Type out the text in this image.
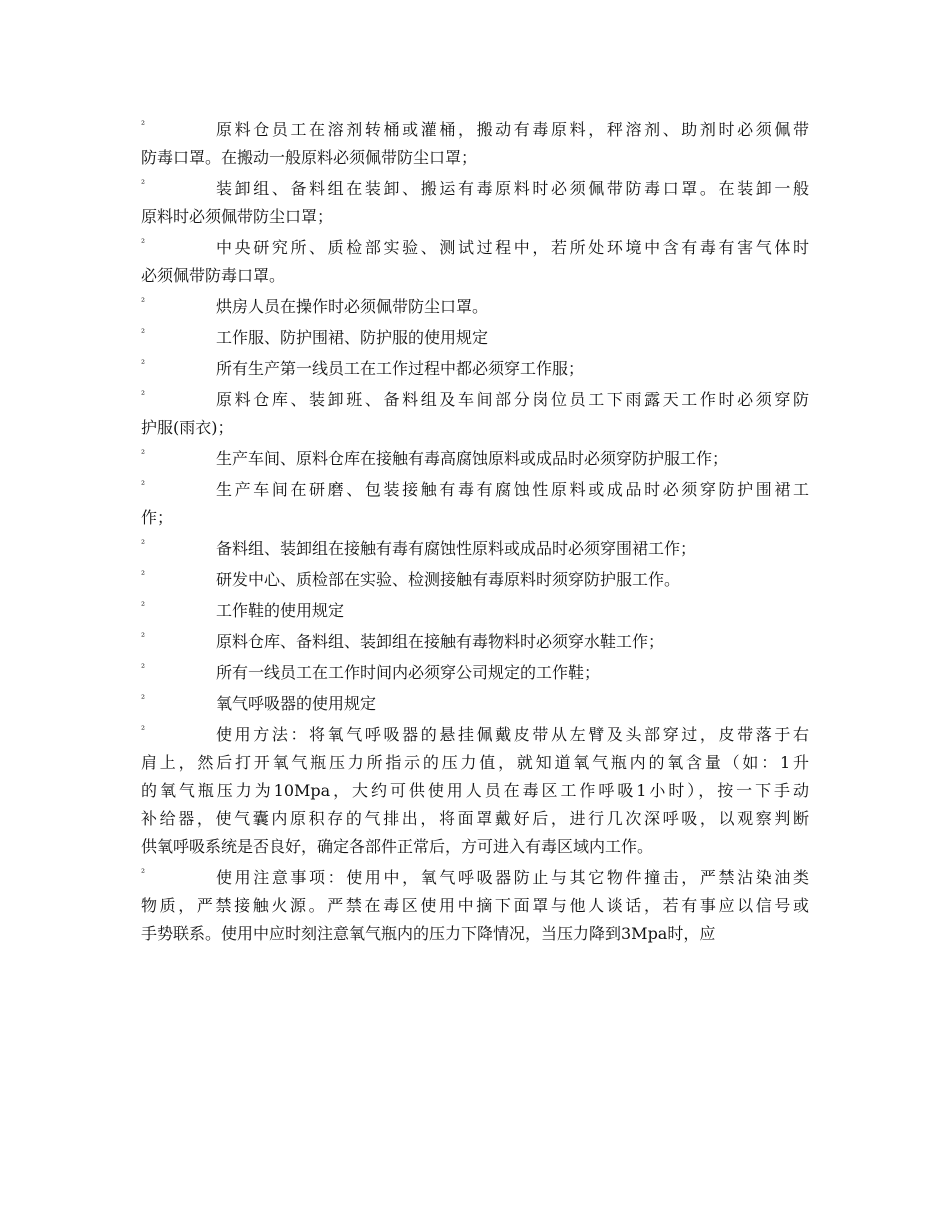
²	原料仓员工在溶剂转桶或灌桶，搬动有毒原料，秤溶剂、助剂时必须佩带
防毒口罩。在搬动一般原料必须佩带防尘口罩；
²	装卸组、备料组在装卸、搬运有毒原料时必须佩带防毒口罩。在装卸一般
原料时必须佩带防尘口罩；
²	中央研究所、质检部实验、测试过程中，若所处环境中含有毒有害气体时
必须佩带防毒口罩。
²	烘房人员在操作时必须佩带防尘口罩。
²	工作服、防护围裙、防护服的使用规定
²	所有生产第一线员工在工作过程中都必须穿工作服；
²	原料仓库、装卸班、备料组及车间部分岗位员工下雨露天工作时必须穿防
护服(雨衣)；
²	生产车间、原料仓库在接触有毒高腐蚀原料或成品时必须穿防护服工作；
²	生产车间在研磨、包装接触有毒有腐蚀性原料或成品时必须穿防护围裙工
作；
²	备料组、装卸组在接触有毒有腐蚀性原料或成品时必须穿围裙工作；
²	研发中心、质检部在实验、检测接触有毒原料时须穿防护服工作。
²	工作鞋的使用规定
²	原料仓库、备料组、装卸组在接触有毒物料时必须穿水鞋工作；
²	所有一线员工在工作时间内必须穿公司规定的工作鞋；
²	氧气呼吸器的使用规定
²	使用方法：将氧气呼吸器的悬挂佩戴皮带从左臂及头部穿过，皮带落于右
肩上，然后打开氧气瓶压力所指示的压力值，就知道氧气瓶内的氧含量（如：1升
的氧气瓶压力为10Mpa，大约可供使用人员在毒区工作呼吸1小时），按一下手动
补给器，使气囊内原积存的气排出，将面罩戴好后，进行几次深呼吸，以观察判断
供氧呼吸系统是否良好，确定各部件正常后，方可进入有毒区域内工作。
²	使用注意事项：使用中，氧气呼吸器防止与其它物件撞击，严禁沾染油类
物质，严禁接触火源。严禁在毒区使用中摘下面罩与他人谈话，若有事应以信号或
手势联系。使用中应时刻注意氧气瓶内的压力下降情况，当压力降到3Mpa时，应
